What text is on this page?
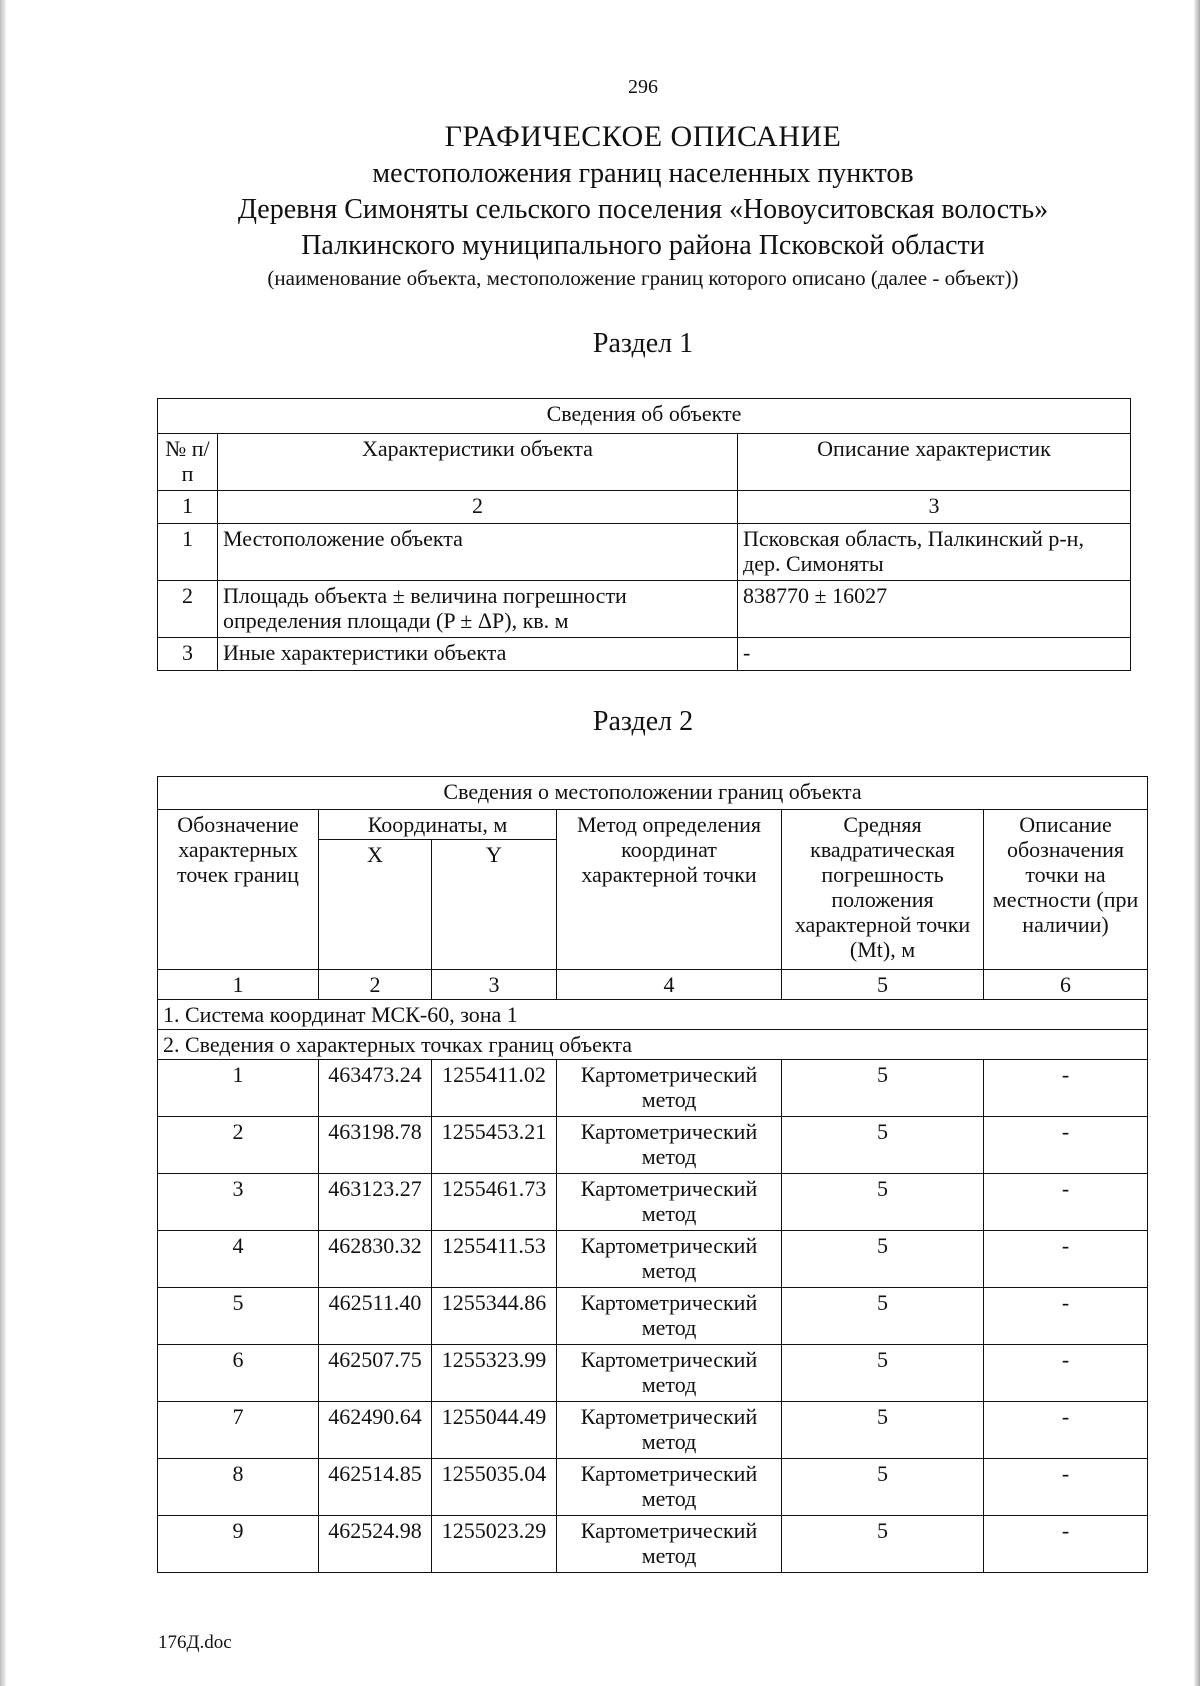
296
ГРАФИЧЕСКОЕ ОПИСАНИЕ
местоположения границ населенных пунктов
Деревня Симоняты сельского поселения «Новоуситовская волость»
Палкинского муниципального района Псковской области
(наименование объекта, местоположение границ которого описано (далее - объект))
Раздел 1
Сведения об объекте		
№ п/п	Характеристики объекта	Описание характеристик
1	2	3
1	Местоположение объекта	Псковская область, Палкинский р-н, дер. Симоняты
2	Площадь объекта ± величина погрешности определения площади (P ± ΔP), кв. м	838770 ± 16027
3	Иные характеристики объекта	-
Раздел 2
Сведения о местоположении границ объекта					
Обозначение характерных точек границ	Координаты, м		Метод определения координат характерной точки	Средняя квадратическая погрешность положения характерной точки (Mt), м	Описание обозначения точки на местности (при наличии)
	X	Y			
1	2	3	4	5	6
1. Система координат МСК-60, зона 1					
2. Сведения о характерных точках границ объекта					
1	463473.24	1255411.02	Картометрический метод	5	-
2	463198.78	1255453.21	Картометрический метод	5	-
3	463123.27	1255461.73	Картометрический метод	5	-
4	462830.32	1255411.53	Картометрический метод	5	-
5	462511.40	1255344.86	Картометрический метод	5	-
6	462507.75	1255323.99	Картометрический метод	5	-
7	462490.64	1255044.49	Картометрический метод	5	-
8	462514.85	1255035.04	Картометрический метод	5	-
9	462524.98	1255023.29	Картометрический метод	5	-
176Д.doc
